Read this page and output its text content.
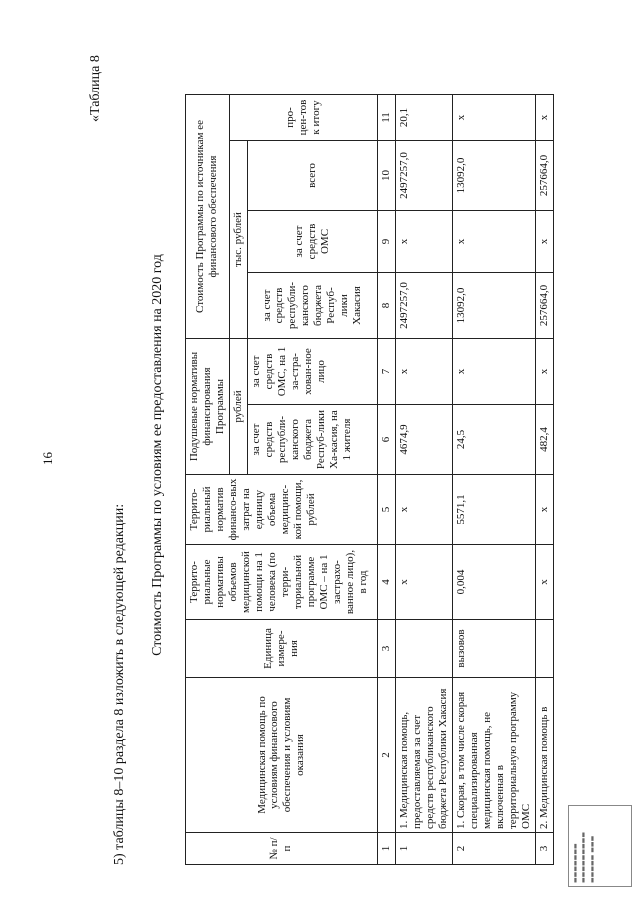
16
«Таблица 8
5) таблицы 8–10 раздела 8 изложить в следующей редакции:
Стоимость Программы по условиям ее предоставления на 2020 год
№ п/п	Медицинская помощь по условиям финансового обеспечения и условиям оказания	Единица измере-ния	Террито-риальные нормативы объемов медицинской помощи на 1 человека (по терри-ториальной программе ОМС – на 1 застрахо-ванное лицо), в год	Террито-риальный норматив финансо-вых затрат на единицу объема медицинс-кой помощи, рублей	Подушевые нормативы финансирования Программы		Стоимость Программы по источникам ее финансового обеспечения			
					рублей		тыс. рублей			про-цен-тов к итогу
					за счет средств республи-канского бюджета Респуб-лики Ха-касия, на 1 жителя	за счет средств ОМС, на 1 за-стра-хован-ное лицо	за счет средств республи-канского бюджета Респуб-лики Хакасия	за счет средств ОМС	всего	
1	2	3	4	5	6	7	8	9	10	11
1	1. Медицинская помощь, предоставляемая за счет средств республиканского бюджета Республики Хакасия		х	х	4674,9	х	2497257,0	х	2497257,0	20,1
2	1. Скорая, в том числе скорая специализированная медицинская помощь, не включенная в территориальную программу ОМС	вызовов	0,004	5571,1	24,5	х	13092,0	х	13092,0	х
3	2. Медицинская помощь в		х	х	482,4	х	257664,0	х	257664,0	х
▬▬▬▬▬▬▬
▬▬▬▬▬▬▬▬▬
▬▬▬▬▬ ▬▬▬
